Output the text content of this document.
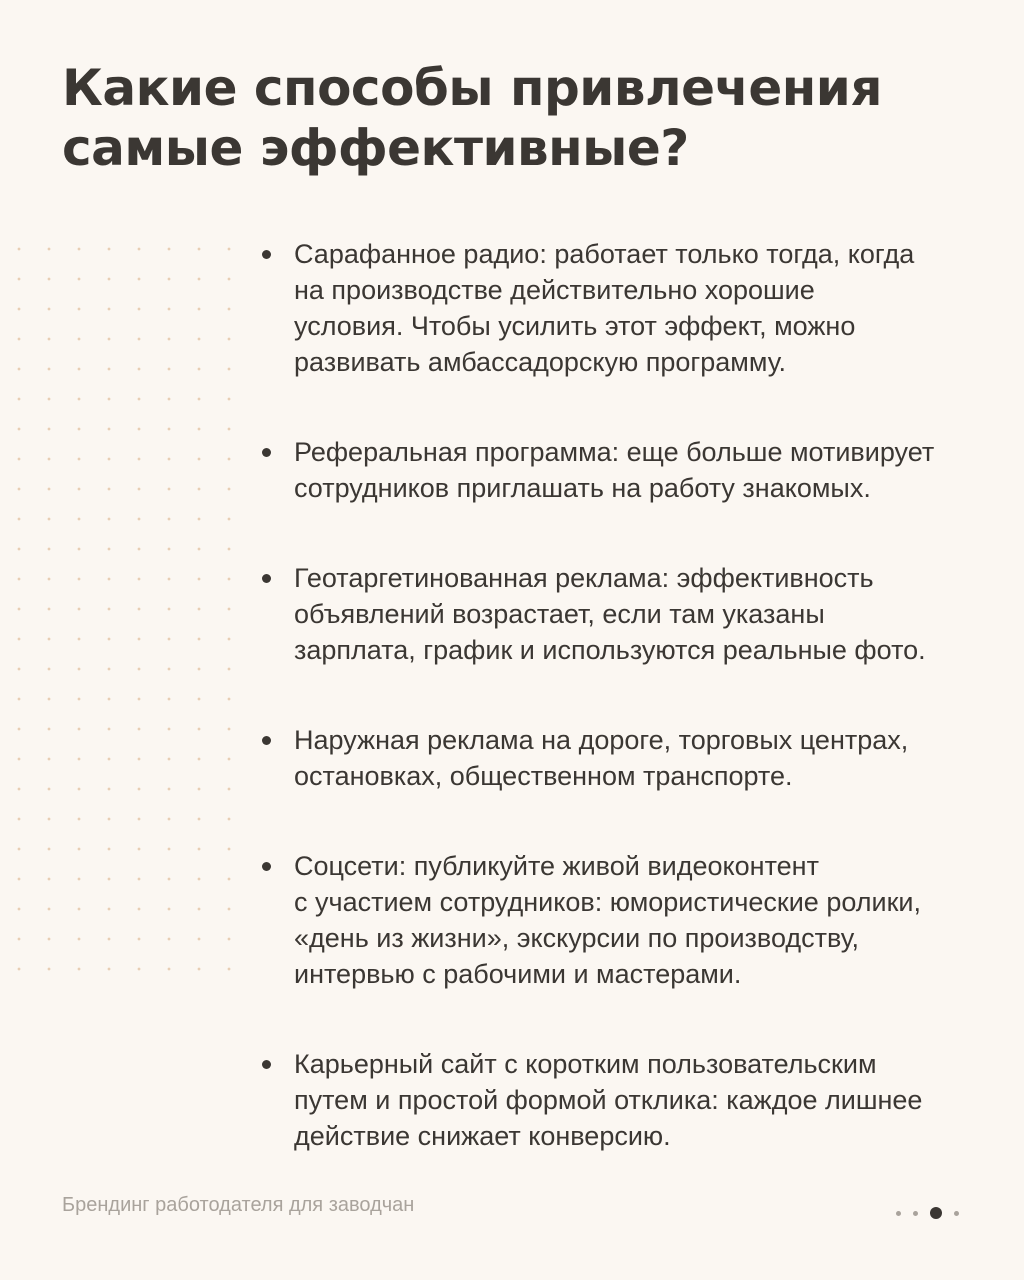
Какие способы привлечения
самые эффективные?
Сарафанное радио: работает только тогда, когда
на производстве действительно хорошие
условия. Чтобы усилить этот эффект, можно
развивать амбассадорскую программу.
Реферальная программа: еще больше мотивирует
сотрудников приглашать на работу знакомых.
Геотаргетинованная реклама: эффективность
объявлений возрастает, если там указаны
зарплата, график и используются реальные фото.
Наружная реклама на дороге, торговых центрах,
остановках, общественном транспорте.
Соцсети: публикуйте живой видеоконтент
с участием сотрудников: юмористические ролики,
«день из жизни», экскурсии по производству,
интервью с рабочими и мастерами.
Карьерный сайт с коротким пользовательским
путем и простой формой отклика: каждое лишнее
действие снижает конверсию.
Брендинг работодателя для заводчан
